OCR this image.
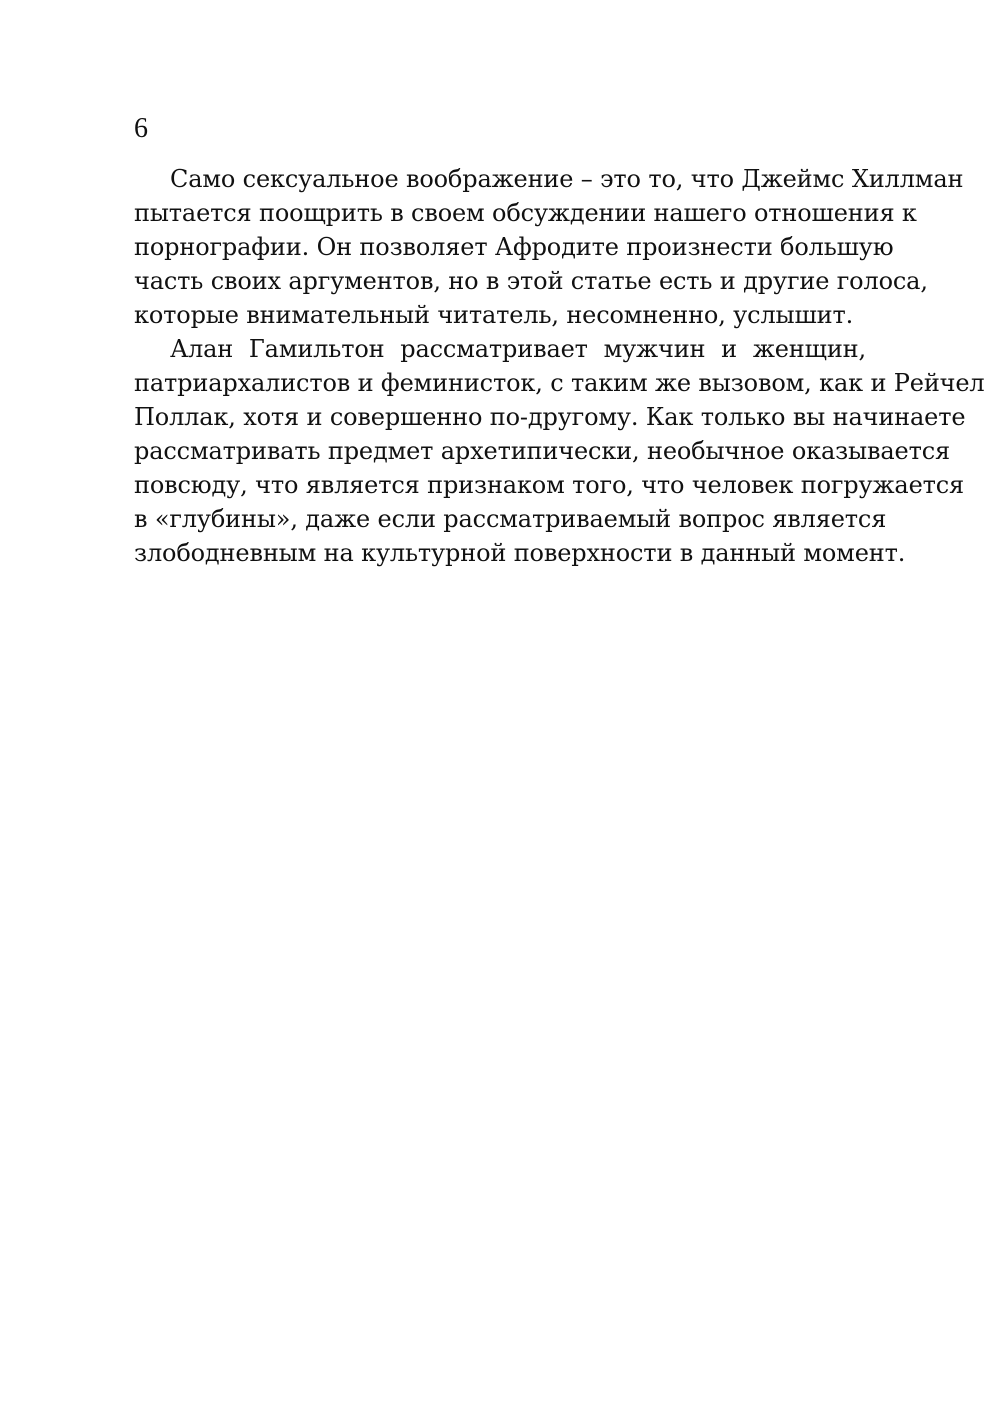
6

Само сексуальное воображение – это то, что Джеймс Хиллман
пытается поощрить в своем обсуждении нашего отношения к
порнографии. Он позволяет Афродите произнести большую
часть своих аргументов, но в этой статье есть и другие голоса,
которые внимательный читатель, несомненно, услышит.

Алан Гамильтон рассматривает мужчин и женщин,
патриархалистов и феминисток, с таким же вызовом, как и Рейчел
Поллак, хотя и совершенно по-другому. Как только вы начинаете
рассматривать предмет архетипически, необычное оказывается
повсюду, что является признаком того, что человек погружается
в «глубины», даже если рассматриваемый вопрос является
злободневным на культурной поверхности в данный момент.
